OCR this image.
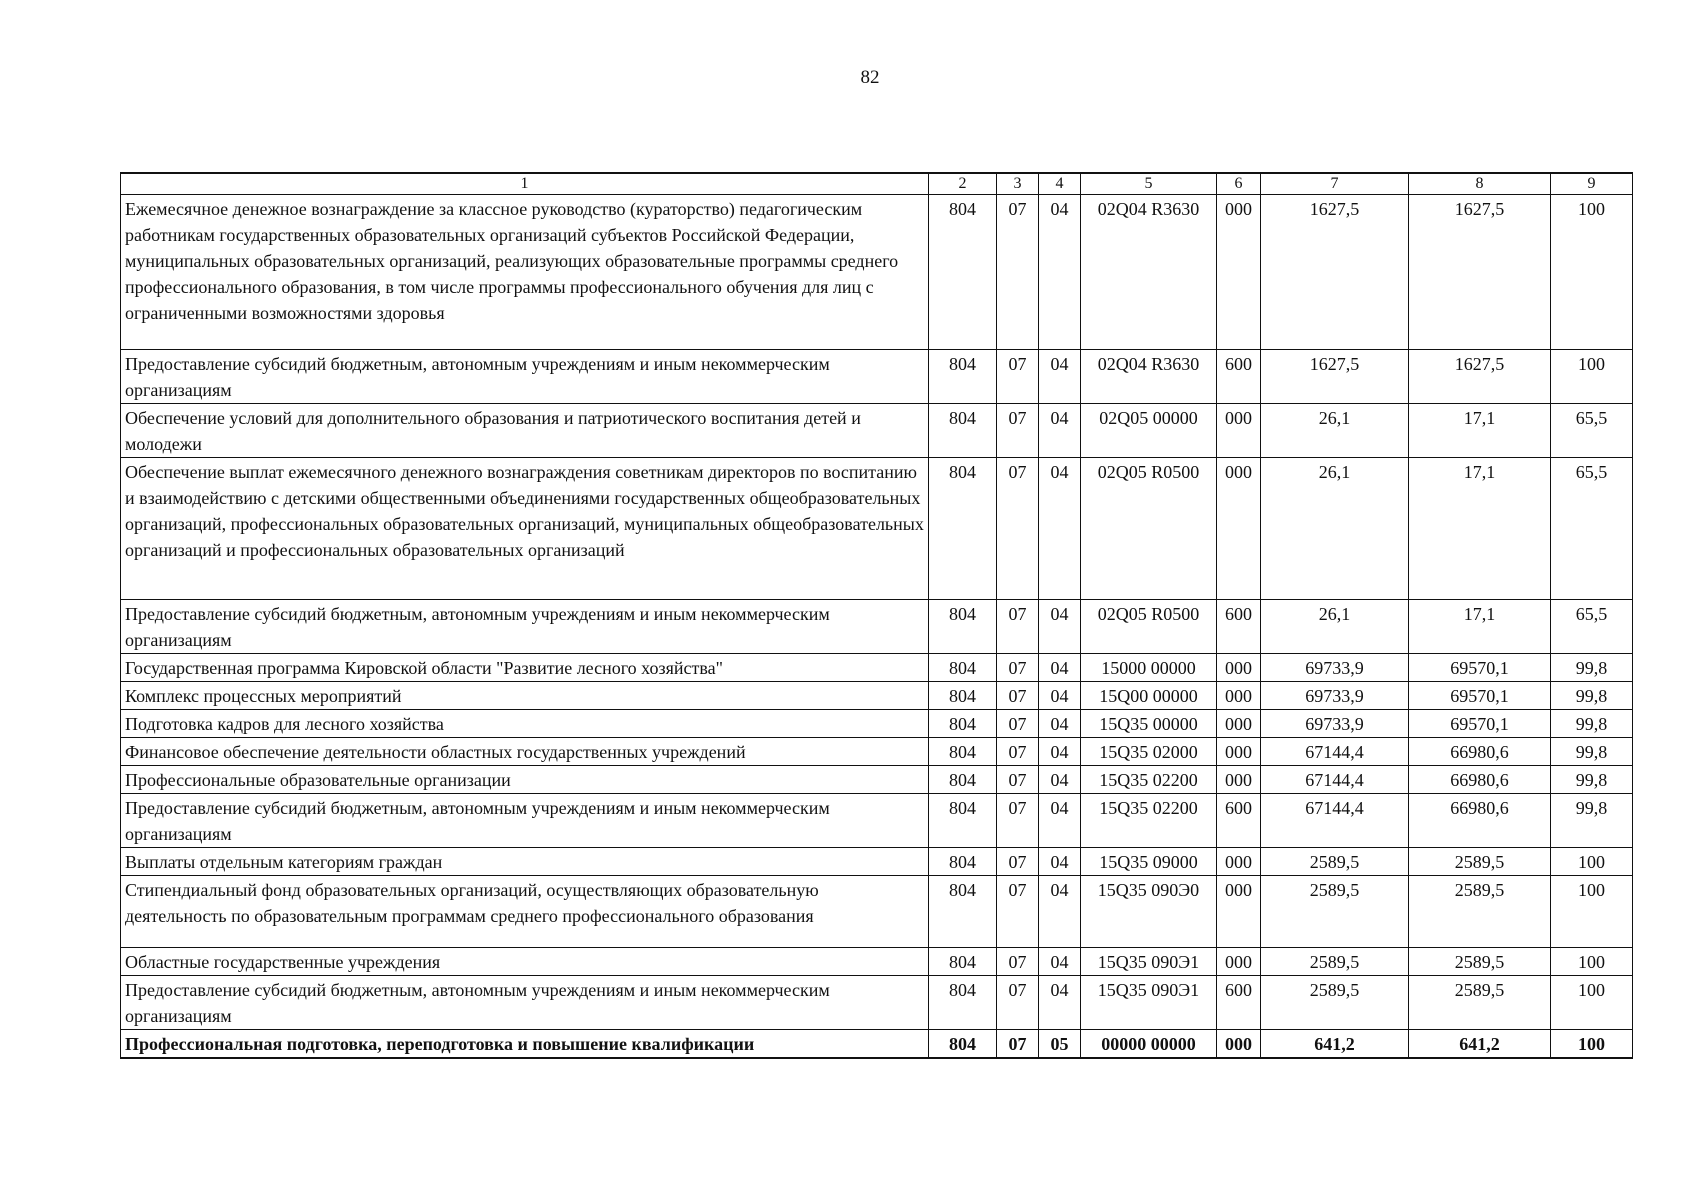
82
1	2	3	4	5	6	7	8	9
Ежемесячное денежное вознаграждение за классное руководство (кураторство) педагогическим работникам государственных образовательных организаций субъектов Российской Федерации, муниципальных образовательных организаций, реализующих образовательные программы среднего профессионального образования, в том числе программы профессионального обучения для лиц с ограниченными возможностями здоровья	804	07	04	02Q04 R3630	000	1627,5	1627,5	100
Предоставление субсидий бюджетным, автономным учреждениям и иным некоммерческим организациям	804	07	04	02Q04 R3630	600	1627,5	1627,5	100
Обеспечение условий для дополнительного образования и патриотического воспитания детей и молодежи	804	07	04	02Q05 00000	000	26,1	17,1	65,5
Обеспечение выплат ежемесячного денежного вознаграждения советникам директоров по воспитанию и взаимодействию с детскими общественными объединениями государственных общеобразовательных организаций, профессиональных образовательных организаций, муниципальных общеобразовательных организаций и профессиональных образовательных организаций	804	07	04	02Q05 R0500	000	26,1	17,1	65,5
Предоставление субсидий бюджетным, автономным учреждениям и иным некоммерческим организациям	804	07	04	02Q05 R0500	600	26,1	17,1	65,5
Государственная программа Кировской области "Развитие лесного хозяйства"	804	07	04	15000 00000	000	69733,9	69570,1	99,8
Комплекс процессных мероприятий	804	07	04	15Q00 00000	000	69733,9	69570,1	99,8
Подготовка кадров для лесного хозяйства	804	07	04	15Q35 00000	000	69733,9	69570,1	99,8
Финансовое обеспечение деятельности областных государственных учреждений	804	07	04	15Q35 02000	000	67144,4	66980,6	99,8
Профессиональные образовательные организации	804	07	04	15Q35 02200	000	67144,4	66980,6	99,8
Предоставление субсидий бюджетным, автономным учреждениям и иным некоммерческим организациям	804	07	04	15Q35 02200	600	67144,4	66980,6	99,8
Выплаты отдельным категориям граждан	804	07	04	15Q35 09000	000	2589,5	2589,5	100
Стипендиальный фонд образовательных организаций, осуществляющих образовательную деятельность по образовательным программам среднего профессионального образования	804	07	04	15Q35 090Э0	000	2589,5	2589,5	100
Областные государственные учреждения	804	07	04	15Q35 090Э1	000	2589,5	2589,5	100
Предоставление субсидий бюджетным, автономным учреждениям и иным некоммерческим организациям	804	07	04	15Q35 090Э1	600	2589,5	2589,5	100
Профессиональная подготовка, переподготовка и повышение квалификации	804	07	05	00000 00000	000	641,2	641,2	100
